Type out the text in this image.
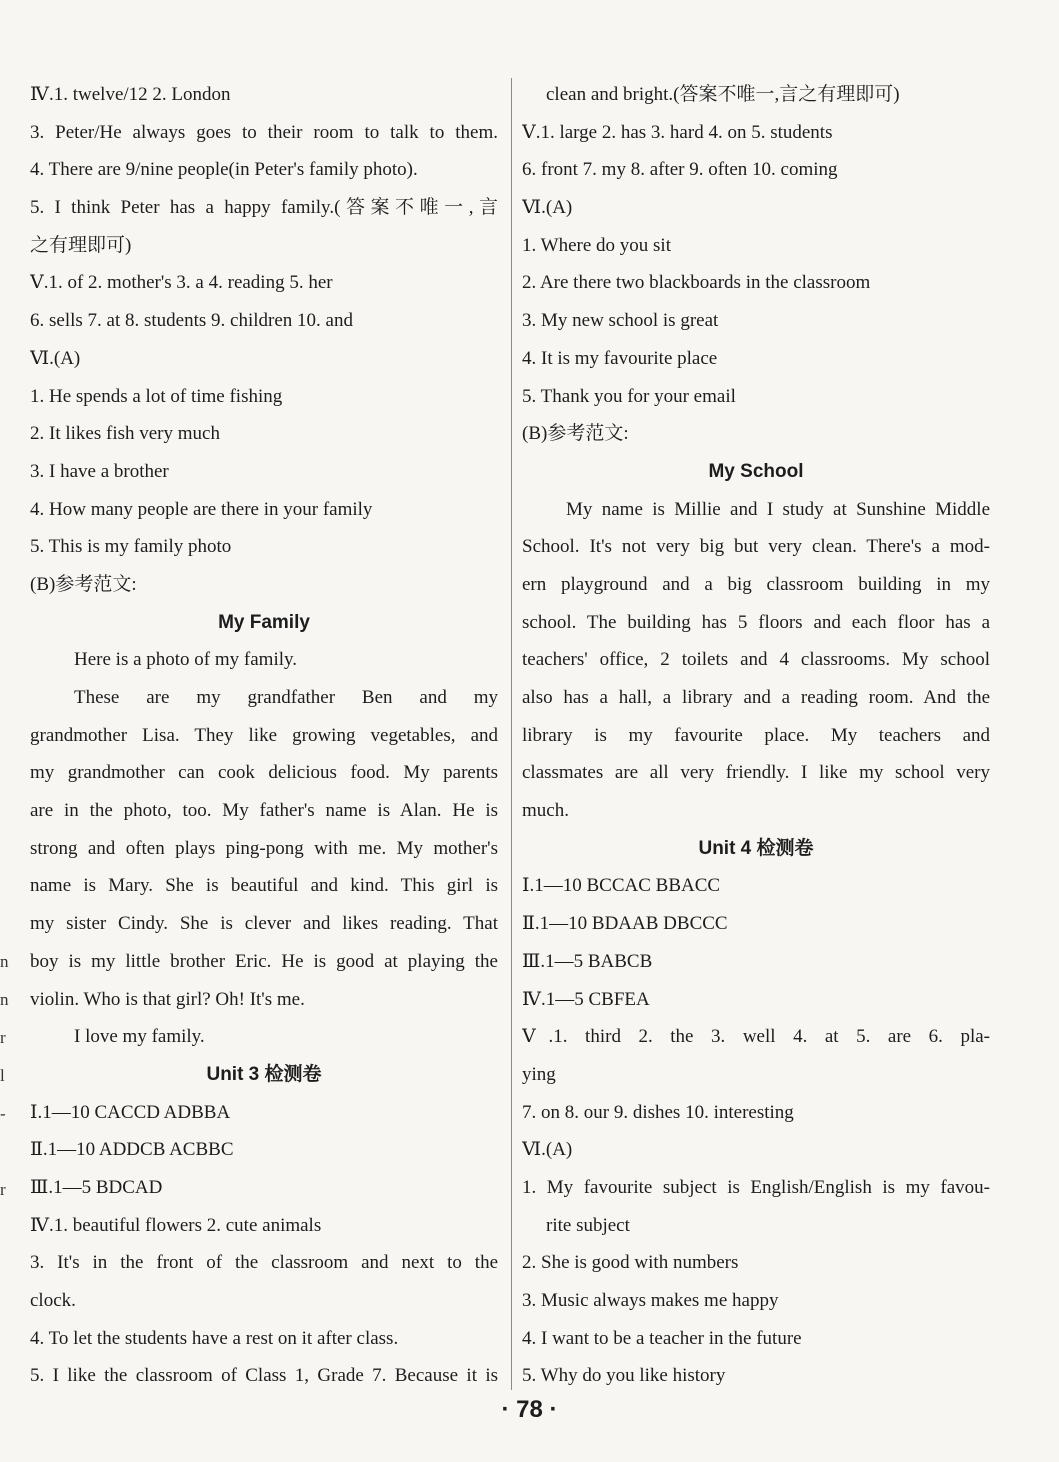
Ⅳ.1. twelve/12 2. London
3. Peter/He always goes to their room to talk to them.
4. There are 9/nine people(in Peter's family photo).
5. I think Peter has a happy family.(答案不唯一,言
之有理即可)
Ⅴ.1. of 2. mother's 3. a 4. reading 5. her
6. sells 7. at 8. students 9. children 10. and
Ⅵ.(A)
1. He spends a lot of time fishing
2. It likes fish very much
3. I have a brother
4. How many people are there in your family
5. This is my family photo
(B)参考范文:
My Family
Here is a photo of my family.
These are my grandfather Ben and my
grandmother Lisa. They like growing vegetables, and
my grandmother can cook delicious food. My parents
are in the photo, too. My father's name is Alan. He is
strong and often plays ping-pong with me. My mother's
name is Mary. She is beautiful and kind. This girl is
my sister Cindy. She is clever and likes reading. That
boy is my little brother Eric. He is good at playing the
violin. Who is that girl? Oh! It's me.
I love my family.
Unit 3 检测卷
Ⅰ.1—10 CACCD ADBBA
Ⅱ.1—10 ADDCB ACBBC
Ⅲ.1—5 BDCAD
Ⅳ.1. beautiful flowers 2. cute animals
3. It's in the front of the classroom and next to the
clock.
4. To let the students have a rest on it after class.
5. I like the classroom of Class 1, Grade 7. Because it is
clean and bright.(答案不唯一,言之有理即可)
Ⅴ.1. large 2. has 3. hard 4. on 5. students
6. front 7. my 8. after 9. often 10. coming
Ⅵ.(A)
1. Where do you sit
2. Are there two blackboards in the classroom
3. My new school is great
4. It is my favourite place
5. Thank you for your email
(B)参考范文:
My School
My name is Millie and I study at Sunshine Middle
School. It's not very big but very clean. There's a mod-
ern playground and a big classroom building in my
school. The building has 5 floors and each floor has a
teachers' office, 2 toilets and 4 classrooms. My school
also has a hall, a library and a reading room. And the
library is my favourite place. My teachers and
classmates are all very friendly. I like my school very
much.
Unit 4 检测卷
Ⅰ.1—10 BCCAC BBACC
Ⅱ.1—10 BDAAB DBCCC
Ⅲ.1—5 BABCB
Ⅳ.1—5 CBFEA
Ⅴ.1. third 2. the 3. well 4. at 5. are 6. pla-
ying
7. on 8. our 9. dishes 10. interesting
Ⅵ.(A)
1. My favourite subject is English/English is my favou-
rite subject
2. She is good with numbers
3. Music always makes me happy
4. I want to be a teacher in the future
5. Why do you like history
· 78 ·
n
n
r
l
-
r
